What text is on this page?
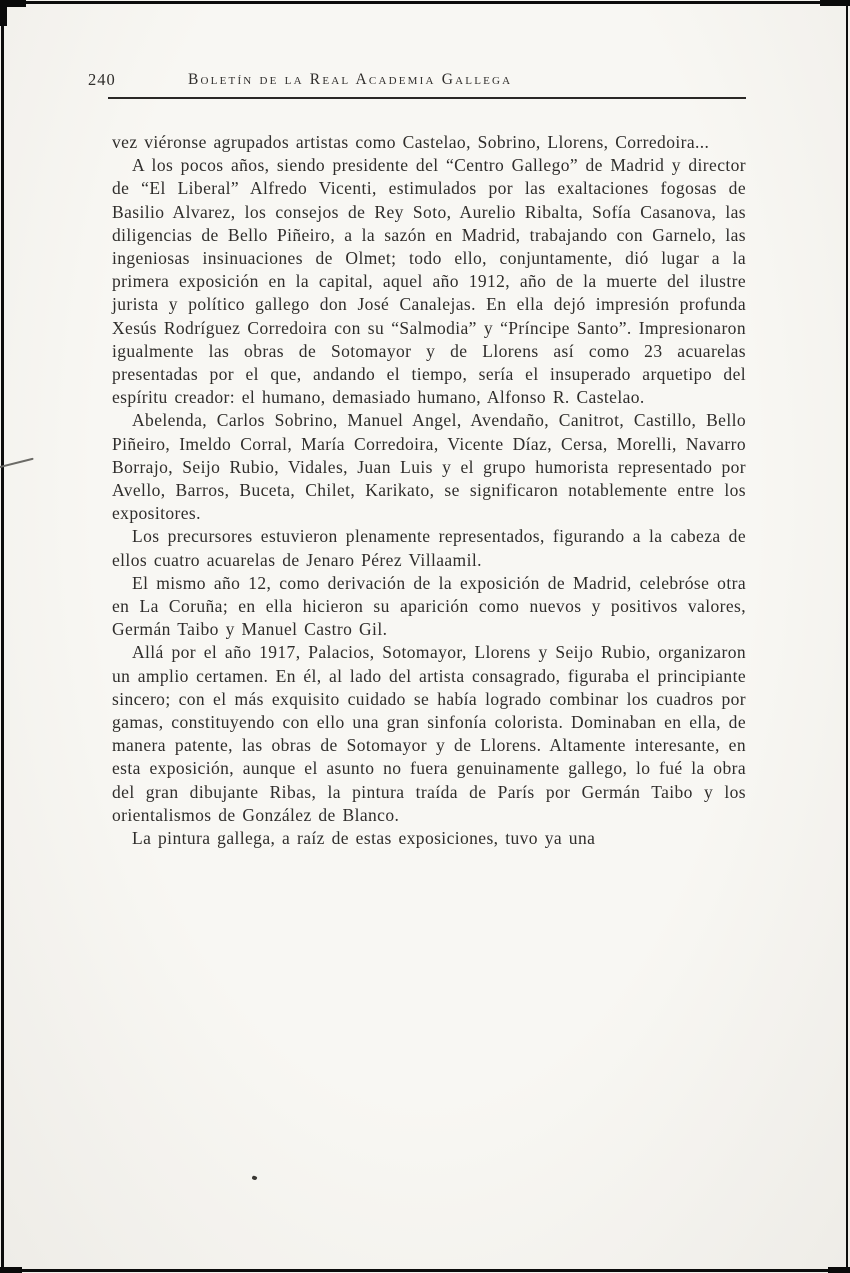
240	Boletín de la Real Academia Gallega

vez viéronse agrupados artistas como Castelao, Sobrino, Llorens, Corredoira...

A los pocos años, siendo presidente del “Centro Gallego” de Madrid y director de “El Liberal” Alfredo Vicenti, estimulados por las exaltaciones fogosas de Basilio Alvarez, los consejos de Rey Soto, Aurelio Ribalta, Sofía Casanova, las diligencias de Bello Piñeiro, a la sazón en Madrid, trabajando con Garnelo, las ingeniosas insinuaciones de Olmet; todo ello, conjuntamente, dió lugar a la primera exposición en la capital, aquel año 1912, año de la muerte del ilustre jurista y político gallego don José Canalejas. En ella dejó impresión profunda Xesús Rodríguez Corredoira con su “Salmodia” y “Príncipe Santo”. Impresionaron igualmente las obras de Sotomayor y de Llorens así como 23 acuarelas presentadas por el que, andando el tiempo, sería el insuperado arquetipo del espíritu creador: el humano, demasiado humano, Alfonso R. Castelao.

Abelenda, Carlos Sobrino, Manuel Angel, Avendaño, Canitrot, Castillo, Bello Piñeiro, Imeldo Corral, María Corredoira, Vicente Díaz, Cersa, Morelli, Navarro Borrajo, Seijo Rubio, Vidales, Juan Luis y el grupo humorista representado por Avello, Barros, Buceta, Chilet, Karikato, se significaron notablemente entre los expositores.

Los precursores estuvieron plenamente representados, figurando a la cabeza de ellos cuatro acuarelas de Jenaro Pérez Villaamil.

El mismo año 12, como derivación de la exposición de Madrid, celebróse otra en La Coruña; en ella hicieron su aparición como nuevos y positivos valores, Germán Taibo y Manuel Castro Gil.

Allá por el año 1917, Palacios, Sotomayor, Llorens y Seijo Rubio, organizaron un amplio certamen. En él, al lado del artista consagrado, figuraba el principiante sincero; con el más exquisito cuidado se había logrado combinar los cuadros por gamas, constituyendo con ello una gran sinfonía colorista. Dominaban en ella, de manera patente, las obras de Sotomayor y de Llorens. Altamente interesante, en esta exposición, aunque el asunto no fuera genuinamente gallego, lo fué la obra del gran dibujante Ribas, la pintura traída de París por Germán Taibo y los orientalismos de González de Blanco.

La pintura gallega, a raíz de estas exposiciones, tuvo ya una
